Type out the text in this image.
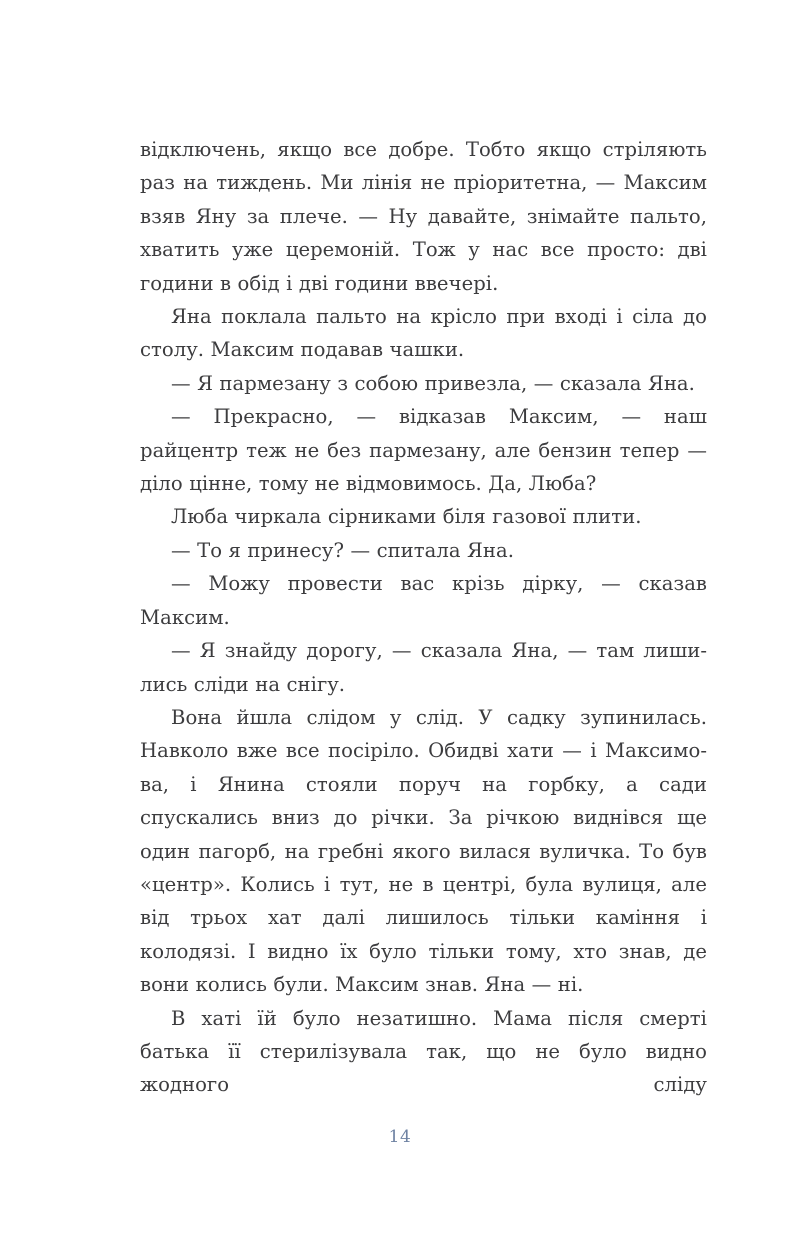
відключень, якщо все добре. Тобто якщо стріляють раз на тиждень. Ми лінія не пріоритетна, — Максим взяв Яну за плече. — Ну давайте, знімайте пальто, хватить уже церемоній. Тож у нас все просто: дві години в обід і дві години ввечері.

Яна поклала пальто на крісло при вході і сіла до столу. Максим подавав чашки.

— Я пармезану з собою привезла, — сказала Яна.

— Прекрасно, — відказав Максим, — наш райцентр теж не без пармезану, але бензин тепер — діло цінне, тому не відмовимось. Да, Люба?

Люба чиркала сірниками біля газової плити.

— То я принесу? — спитала Яна.

— Можу провести вас крізь дірку, — сказав Максим.

— Я знайду дорогу, — сказала Яна, — там лишились сліди на снігу.

Вона йшла слідом у слід. У садку зупинилась. Навколо вже все посіріло. Обидві хати — і Максимова, і Янина стояли поруч на горбку, а сади спускались вниз до річки. За річкою виднівся ще один пагорб, на гребні якого вилася вуличка. То був «центр». Колись і тут, не в центрі, була вулиця, але від трьох хат далі лишилось тільки каміння і колодязі. І видно їх було тільки тому, хто знав, де вони колись були. Максим знав. Яна — ні.

В хаті їй було незатишно. Мама після смерті батька її стерилізувала так, що не було видно жодного сліду

14
